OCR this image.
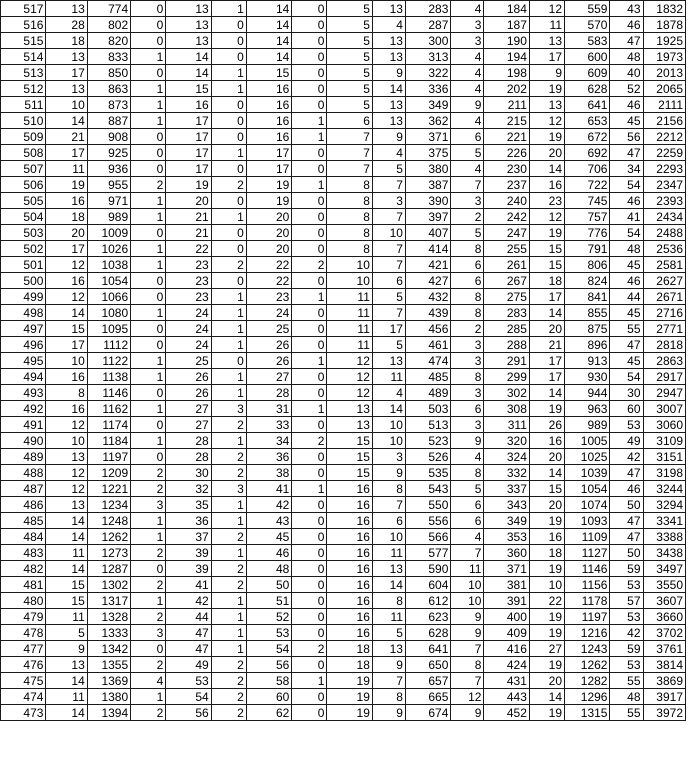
517	13	774	0	13	1	14	0	5	13	283	4	184	12	559	43	1832
516	28	802	0	13	0	14	0	5	4	287	3	187	11	570	46	1878
515	18	820	0	13	0	14	0	5	13	300	3	190	13	583	47	1925
514	13	833	1	14	0	14	0	5	13	313	4	194	17	600	48	1973
513	17	850	0	14	1	15	0	5	9	322	4	198	9	609	40	2013
512	13	863	1	15	1	16	0	5	14	336	4	202	19	628	52	2065
511	10	873	1	16	0	16	0	5	13	349	9	211	13	641	46	2111
510	14	887	1	17	0	16	1	6	13	362	4	215	12	653	45	2156
509	21	908	0	17	0	16	1	7	9	371	6	221	19	672	56	2212
508	17	925	0	17	1	17	0	7	4	375	5	226	20	692	47	2259
507	11	936	0	17	0	17	0	7	5	380	4	230	14	706	34	2293
506	19	955	2	19	2	19	1	8	7	387	7	237	16	722	54	2347
505	16	971	1	20	0	19	0	8	3	390	3	240	23	745	46	2393
504	18	989	1	21	1	20	0	8	7	397	2	242	12	757	41	2434
503	20	1009	0	21	0	20	0	8	10	407	5	247	19	776	54	2488
502	17	1026	1	22	0	20	0	8	7	414	8	255	15	791	48	2536
501	12	1038	1	23	2	22	2	10	7	421	6	261	15	806	45	2581
500	16	1054	0	23	0	22	0	10	6	427	6	267	18	824	46	2627
499	12	1066	0	23	1	23	1	11	5	432	8	275	17	841	44	2671
498	14	1080	1	24	1	24	0	11	7	439	8	283	14	855	45	2716
497	15	1095	0	24	1	25	0	11	17	456	2	285	20	875	55	2771
496	17	1112	0	24	1	26	0	11	5	461	3	288	21	896	47	2818
495	10	1122	1	25	0	26	1	12	13	474	3	291	17	913	45	2863
494	16	1138	1	26	1	27	0	12	11	485	8	299	17	930	54	2917
493	8	1146	0	26	1	28	0	12	4	489	3	302	14	944	30	2947
492	16	1162	1	27	3	31	1	13	14	503	6	308	19	963	60	3007
491	12	1174	0	27	2	33	0	13	10	513	3	311	26	989	53	3060
490	10	1184	1	28	1	34	2	15	10	523	9	320	16	1005	49	3109
489	13	1197	0	28	2	36	0	15	3	526	4	324	20	1025	42	3151
488	12	1209	2	30	2	38	0	15	9	535	8	332	14	1039	47	3198
487	12	1221	2	32	3	41	1	16	8	543	5	337	15	1054	46	3244
486	13	1234	3	35	1	42	0	16	7	550	6	343	20	1074	50	3294
485	14	1248	1	36	1	43	0	16	6	556	6	349	19	1093	47	3341
484	14	1262	1	37	2	45	0	16	10	566	4	353	16	1109	47	3388
483	11	1273	2	39	1	46	0	16	11	577	7	360	18	1127	50	3438
482	14	1287	0	39	2	48	0	16	13	590	11	371	19	1146	59	3497
481	15	1302	2	41	2	50	0	16	14	604	10	381	10	1156	53	3550
480	15	1317	1	42	1	51	0	16	8	612	10	391	22	1178	57	3607
479	11	1328	2	44	1	52	0	16	11	623	9	400	19	1197	53	3660
478	5	1333	3	47	1	53	0	16	5	628	9	409	19	1216	42	3702
477	9	1342	0	47	1	54	2	18	13	641	7	416	27	1243	59	3761
476	13	1355	2	49	2	56	0	18	9	650	8	424	19	1262	53	3814
475	14	1369	4	53	2	58	1	19	7	657	7	431	20	1282	55	3869
474	11	1380	1	54	2	60	0	19	8	665	12	443	14	1296	48	3917
473	14	1394	2	56	2	62	0	19	9	674	9	452	19	1315	55	3972
